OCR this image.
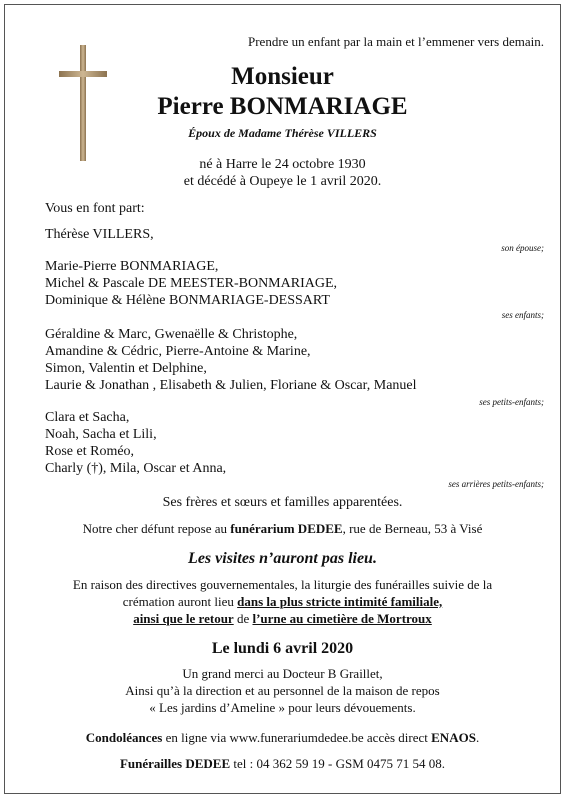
Prendre un enfant par la main et l’emmener vers demain.
Monsieur
Pierre BONMARIAGE
Époux de Madame Thérèse VILLERS
né à Harre le 24 octobre 1930
et décédé à Oupeye le 1 avril 2020.
Vous en font part:
Thérèse VILLERS,
son épouse;
Marie-Pierre BONMARIAGE,
Michel & Pascale DE MEESTER-BONMARIAGE,
Dominique & Hélène BONMARIAGE-DESSART
ses enfants;
Géraldine & Marc, Gwenaëlle & Christophe,
Amandine & Cédric, Pierre-Antoine & Marine,
Simon, Valentin et Delphine,
Laurie & Jonathan , Elisabeth & Julien, Floriane & Oscar, Manuel
ses petits-enfants;
Clara et Sacha,
Noah, Sacha et Lili,
Rose et Roméo,
Charly (†), Mila, Oscar et Anna,
ses arrières petits-enfants;
Ses frères et sœurs et familles apparentées.
Notre cher défunt repose au funérarium DEDEE, rue de Berneau, 53 à Visé
Les visites n’auront pas lieu.
En raison des directives gouvernementales, la liturgie des funérailles suivie de la
crémation auront lieu dans la plus stricte intimité familiale,
ainsi que le retour de l’urne au cimetière de Mortroux
Le lundi 6 avril 2020
Un grand merci au Docteur B Graillet,
Ainsi qu’à la direction et au personnel de la maison de repos
« Les jardins d’Ameline » pour leurs dévouements.
Condoléances en ligne via www.funerariumdedee.be accès direct ENAOS.
Funérailles DEDEE tel : 04 362 59 19 - GSM 0475 71 54 08.
